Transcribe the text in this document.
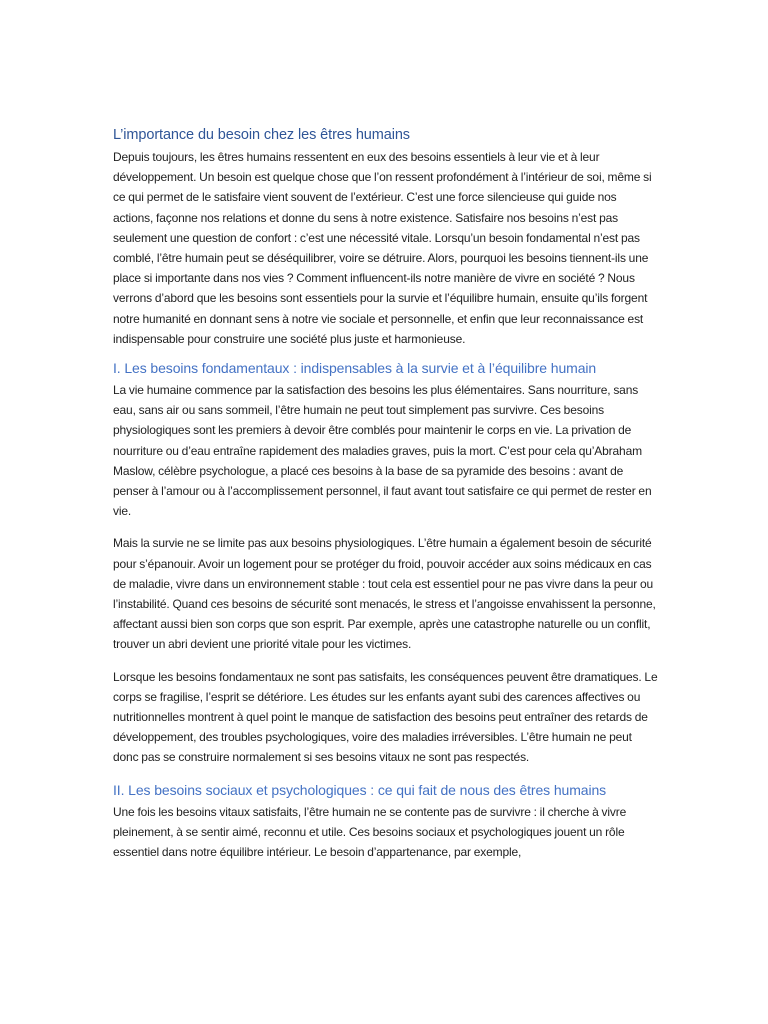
L’importance du besoin chez les êtres humains

Depuis toujours, les êtres humains ressentent en eux des besoins essentiels à leur vie et à leur développement. Un besoin est quelque chose que l’on ressent profondément à l’intérieur de soi, même si ce qui permet de le satisfaire vient souvent de l’extérieur. C’est une force silencieuse qui guide nos actions, façonne nos relations et donne du sens à notre existence. Satisfaire nos besoins n’est pas seulement une question de confort : c’est une nécessité vitale. Lorsqu’un besoin fondamental n’est pas comblé, l’être humain peut se déséquilibrer, voire se détruire. Alors, pourquoi les besoins tiennent-ils une place si importante dans nos vies ? Comment influencent-ils notre manière de vivre en société ? Nous verrons d’abord que les besoins sont essentiels pour la survie et l’équilibre humain, ensuite qu’ils forgent notre humanité en donnant sens à notre vie sociale et personnelle, et enfin que leur reconnaissance est indispensable pour construire une société plus juste et harmonieuse.

I. Les besoins fondamentaux : indispensables à la survie et à l’équilibre humain

La vie humaine commence par la satisfaction des besoins les plus élémentaires. Sans nourriture, sans eau, sans air ou sans sommeil, l’être humain ne peut tout simplement pas survivre. Ces besoins physiologiques sont les premiers à devoir être comblés pour maintenir le corps en vie. La privation de nourriture ou d’eau entraîne rapidement des maladies graves, puis la mort. C’est pour cela qu’Abraham Maslow, célèbre psychologue, a placé ces besoins à la base de sa pyramide des besoins : avant de penser à l’amour ou à l’accomplissement personnel, il faut avant tout satisfaire ce qui permet de rester en vie.

Mais la survie ne se limite pas aux besoins physiologiques. L’être humain a également besoin de sécurité pour s’épanouir. Avoir un logement pour se protéger du froid, pouvoir accéder aux soins médicaux en cas de maladie, vivre dans un environnement stable : tout cela est essentiel pour ne pas vivre dans la peur ou l’instabilité. Quand ces besoins de sécurité sont menacés, le stress et l’angoisse envahissent la personne, affectant aussi bien son corps que son esprit. Par exemple, après une catastrophe naturelle ou un conflit, trouver un abri devient une priorité vitale pour les victimes.

Lorsque les besoins fondamentaux ne sont pas satisfaits, les conséquences peuvent être dramatiques. Le corps se fragilise, l’esprit se détériore. Les études sur les enfants ayant subi des carences affectives ou nutritionnelles montrent à quel point le manque de satisfaction des besoins peut entraîner des retards de développement, des troubles psychologiques, voire des maladies irréversibles. L’être humain ne peut donc pas se construire normalement si ses besoins vitaux ne sont pas respectés.

II. Les besoins sociaux et psychologiques : ce qui fait de nous des êtres humains

Une fois les besoins vitaux satisfaits, l’être humain ne se contente pas de survivre : il cherche à vivre pleinement, à se sentir aimé, reconnu et utile. Ces besoins sociaux et psychologiques jouent un rôle essentiel dans notre équilibre intérieur. Le besoin d’appartenance, par exemple,
